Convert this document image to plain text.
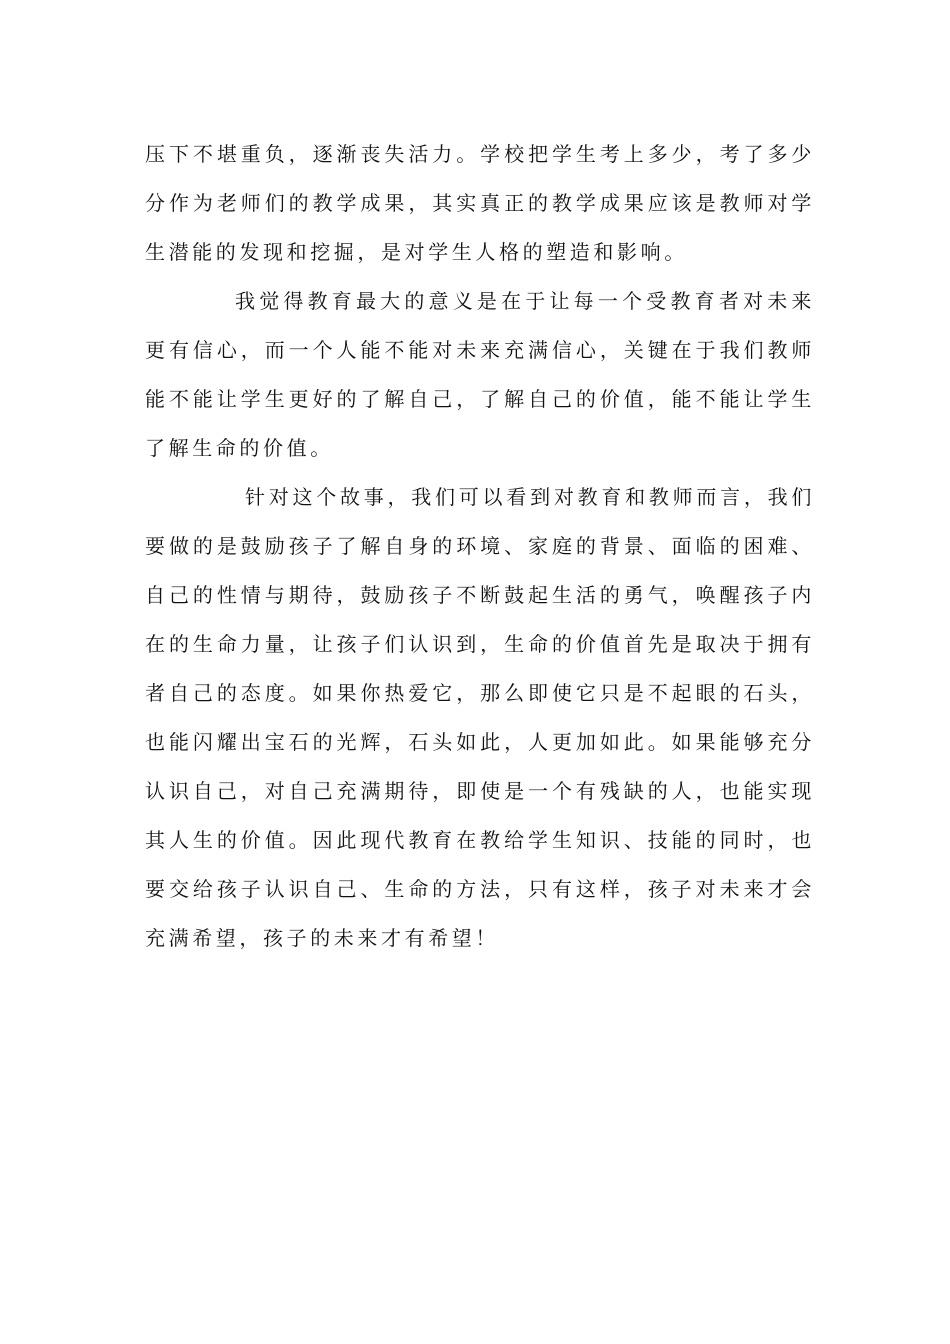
压下不堪重负，逐渐丧失活力。学校把学生考上多少，考了多少分作为老师们的教学成果，其实真正的教学成果应该是教师对学生潜能的发现和挖掘，是对学生人格的塑造和影响。

我觉得教育最大的意义是在于让每一个受教育者对未来更有信心，而一个人能不能对未来充满信心，关键在于我们教师能不能让学生更好的了解自己，了解自己的价值，能不能让学生了解生命的价值。

针对这个故事，我们可以看到对教育和教师而言，我们要做的是鼓励孩子了解自身的环境、家庭的背景、面临的困难、自己的性情与期待，鼓励孩子不断鼓起生活的勇气，唤醒孩子内在的生命力量，让孩子们认识到，生命的价值首先是取决于拥有者自己的态度。如果你热爱它，那么即使它只是不起眼的石头，也能闪耀出宝石的光辉，石头如此，人更加如此。如果能够充分认识自己，对自己充满期待，即使是一个有残缺的人，也能实现其人生的价值。因此现代教育在教给学生知识、技能的同时，也要交给孩子认识自己、生命的方法，只有这样，孩子对未来才会充满希望，孩子的未来才有希望！
